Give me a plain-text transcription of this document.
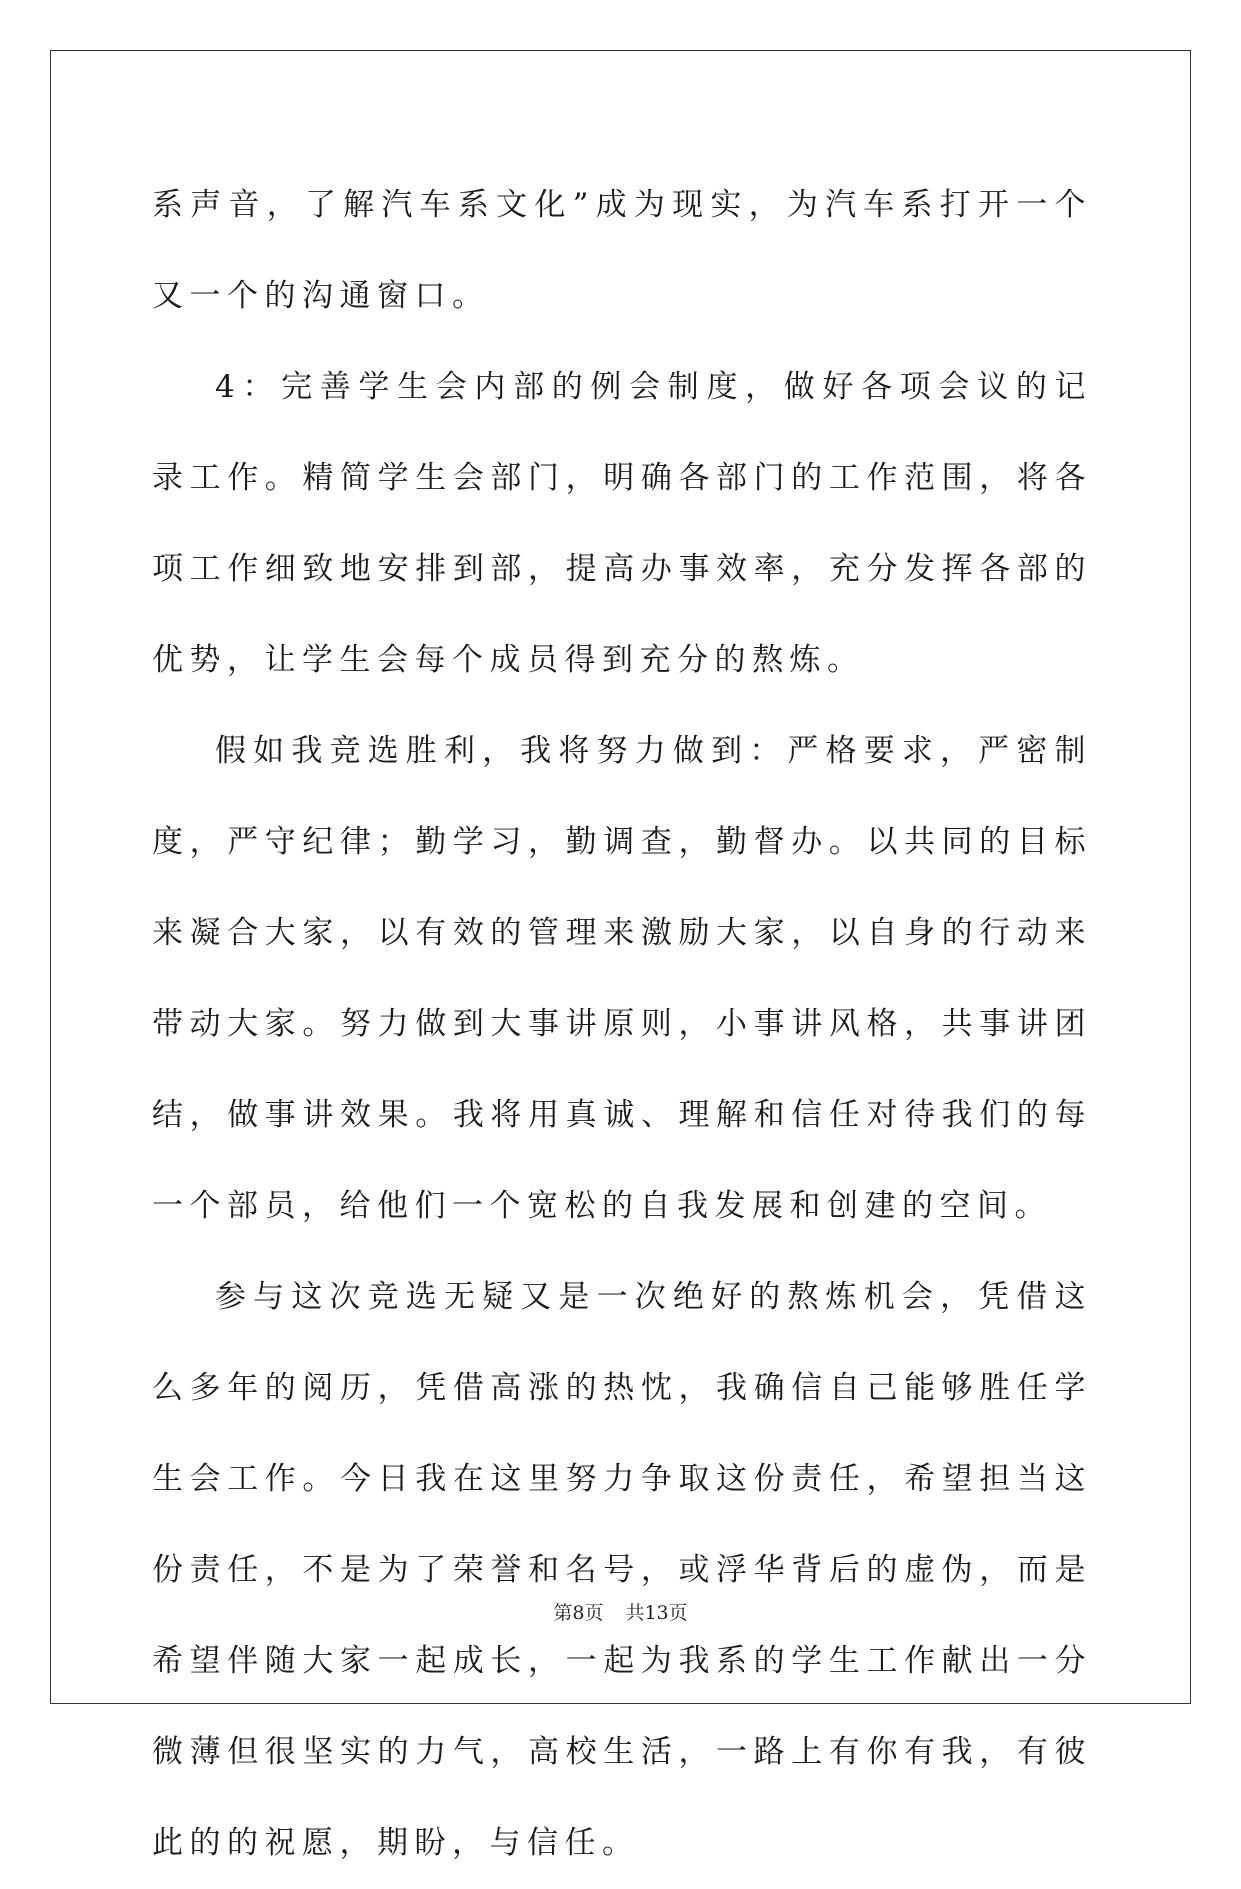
系声音，了解汽车系文化”成为现实，为汽车系打开一个又一个的沟通窗口。

4：完善学生会内部的例会制度，做好各项会议的记录工作。精简学生会部门，明确各部门的工作范围，将各项工作细致地安排到部，提高办事效率，充分发挥各部的优势，让学生会每个成员得到充分的熬炼。

假如我竞选胜利，我将努力做到：严格要求，严密制度，严守纪律；勤学习，勤调查，勤督办。以共同的目标来凝合大家，以有效的管理来激励大家，以自身的行动来带动大家。努力做到大事讲原则，小事讲风格，共事讲团结，做事讲效果。我将用真诚、理解和信任对待我们的每一个部员，给他们一个宽松的自我发展和创建的空间。

参与这次竞选无疑又是一次绝好的熬炼机会，凭借这么多年的阅历，凭借高涨的热忱，我确信自己能够胜任学生会工作。今日我在这里努力争取这份责任，希望担当这份责任，不是为了荣誉和名号，或浮华背后的虚伪，而是希望伴随大家一起成长，一起为我系的学生工作献出一分微薄但很坚实的力气，高校生活，一路上有你有我，有彼此的的祝愿，期盼，与信任。

第8页 共13页
